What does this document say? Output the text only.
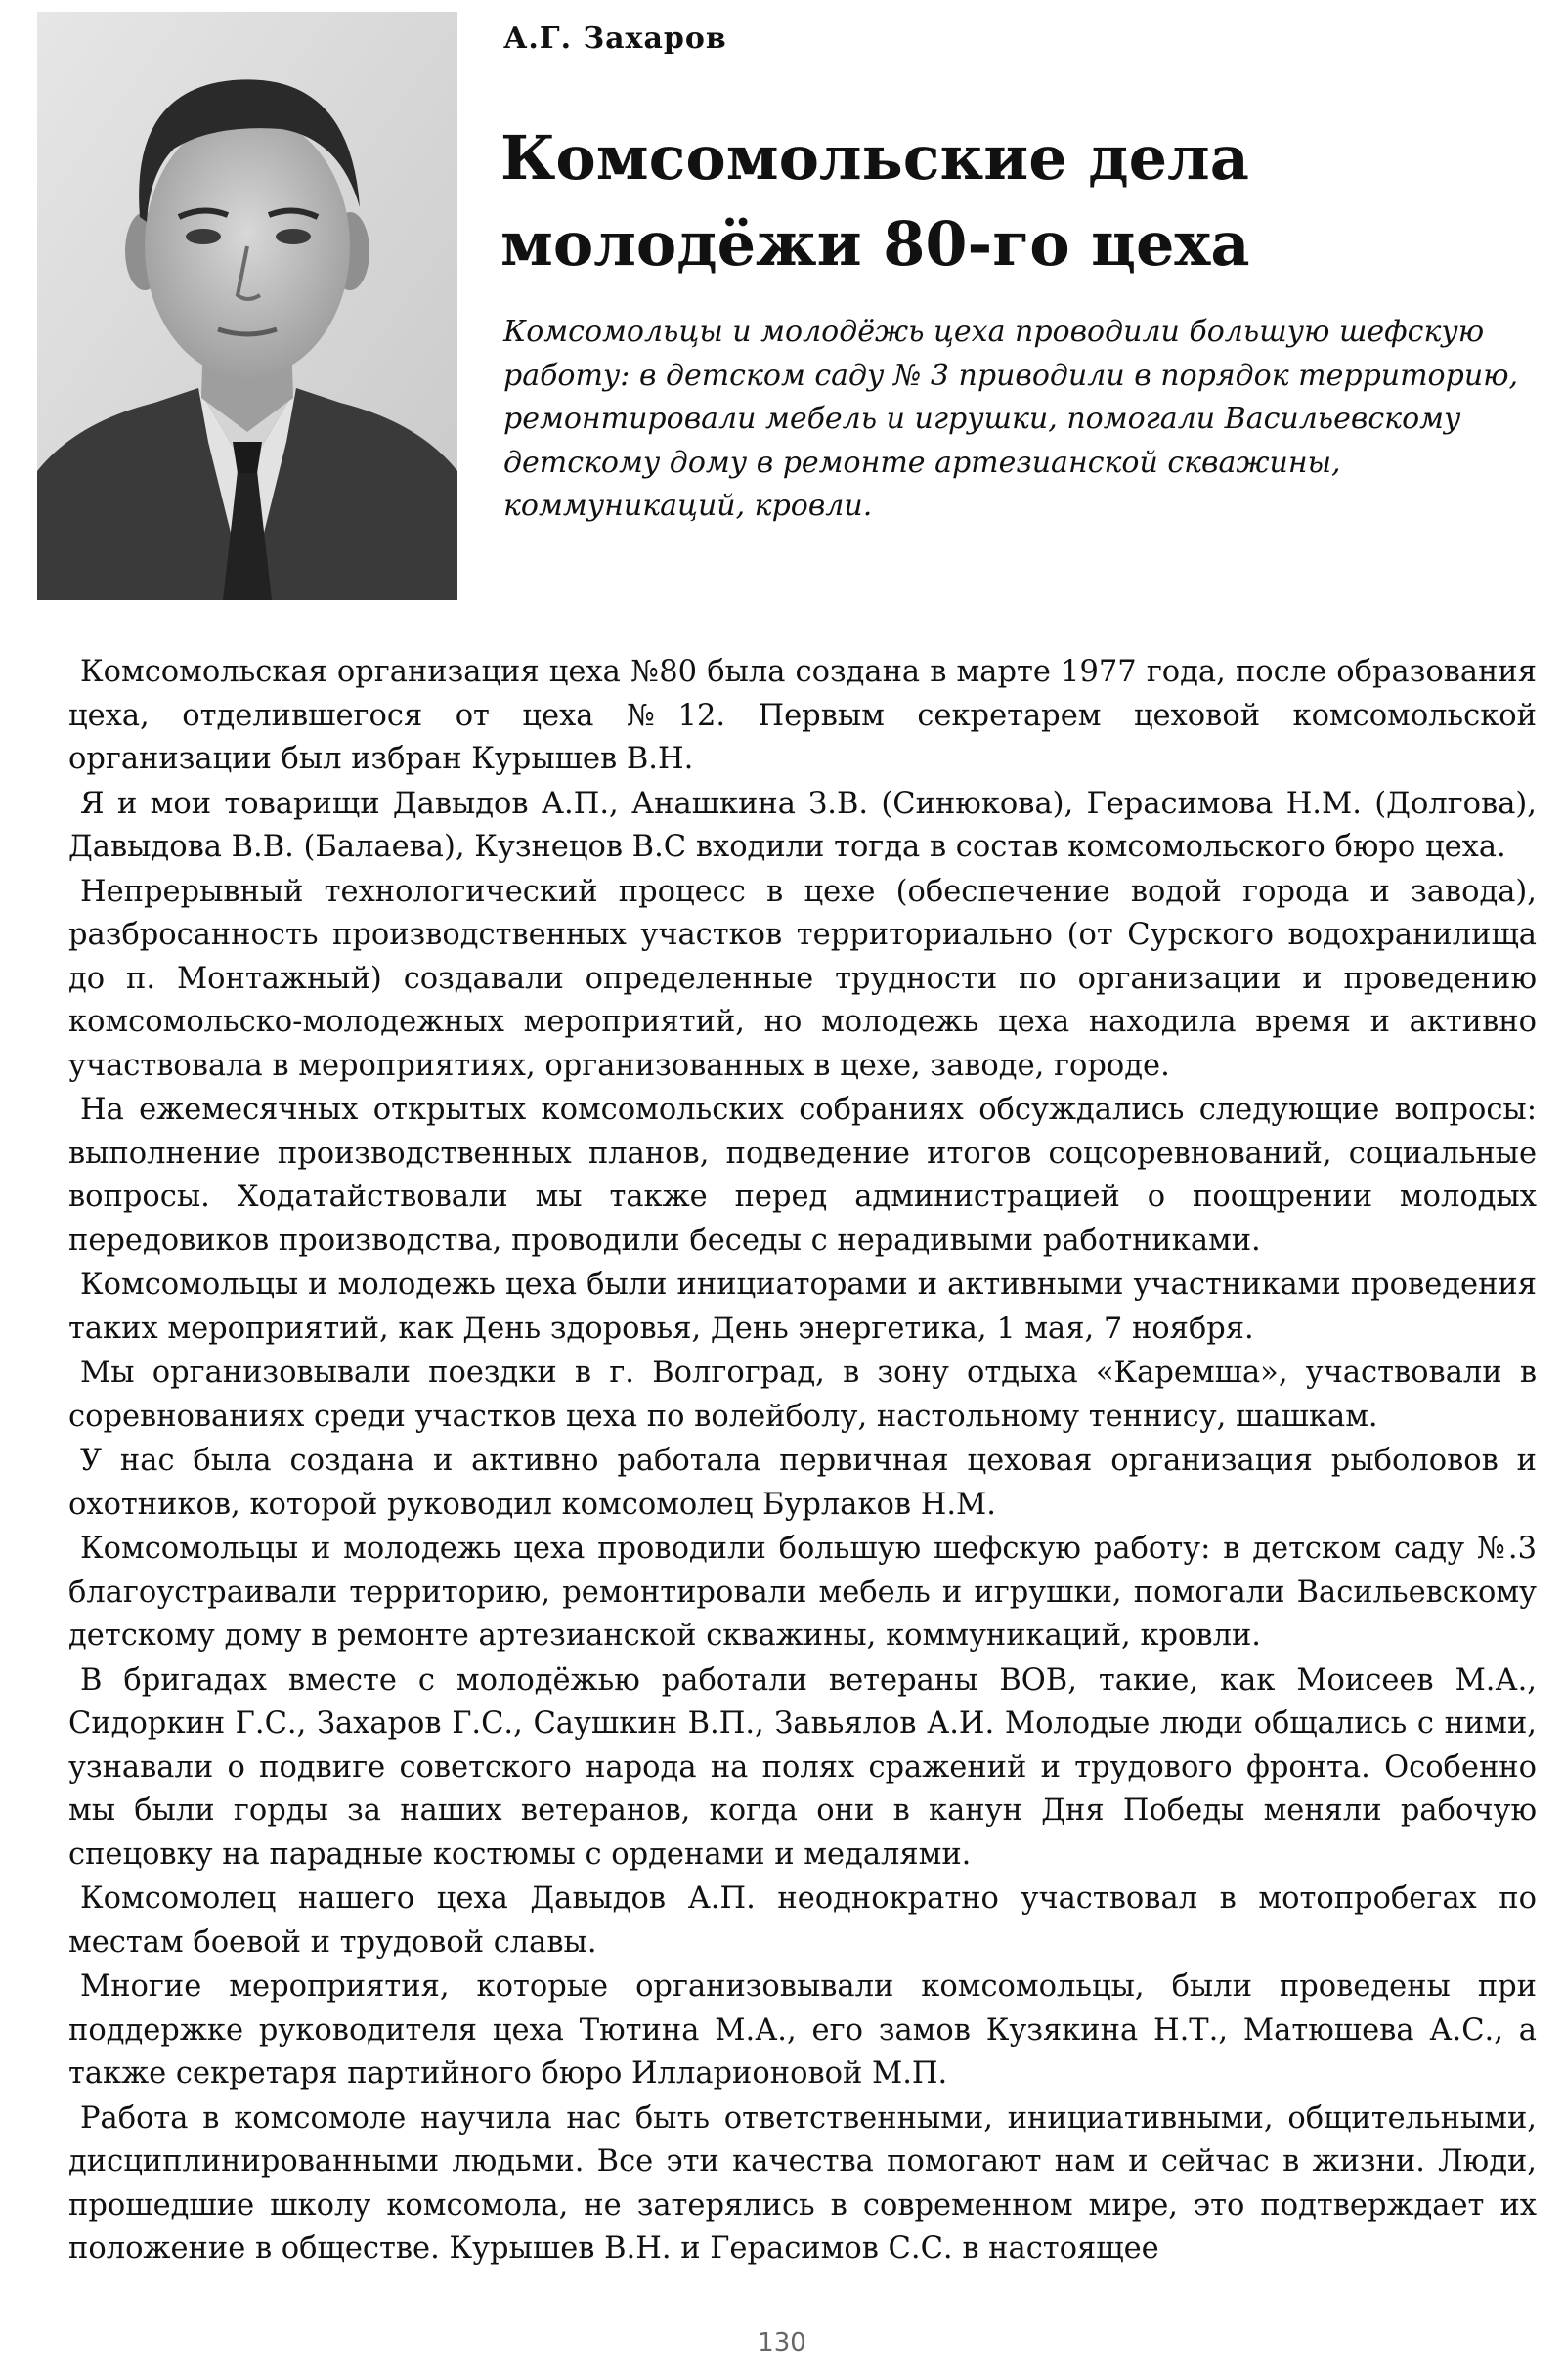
А.Г. Захаров
Комсомольские дела
молодёжи 80-го цеха

Комсомольцы и молодёжь цеха проводили большую шефскую работу: в детском саду № 3 приводили в порядок территорию, ремонтировали мебель и игрушки, помогали Васильевскому детскому дому в ремонте артезианской скважины, коммуникаций, кровли.

Комсомольская организация цеха №80 была создана в марте 1977 года, после образования цеха, отделившегося от цеха №12. Первым секретарем цеховой комсомольской организации был избран Курышев В.Н.

Я и мои товарищи Давыдов А.П., Анашкина З.В. (Синюкова), Герасимова Н.М. (Долгова), Давыдова В.В. (Балаева), Кузнецов В.С входили тогда в состав комсомольского бюро цеха.

Непрерывный технологический процесс в цехе (обеспечение водой города и завода), разбросанность производственных участков территориально (от Сурского водохранилища до п. Монтажный) создавали определенные трудности по организации и проведению комсомольско-молодежных мероприятий, но молодежь цеха находила время и активно участвовала в мероприятиях, организованных в цехе, заводе, городе.

На ежемесячных открытых комсомольских собраниях обсуждались следующие вопросы: выполнение производственных планов, подведение итогов соцсоревнований, социальные вопросы. Ходатайствовали мы также перед администрацией о поощрении молодых передовиков производства, проводили беседы с нерадивыми работниками.

Комсомольцы и молодежь цеха были инициаторами и активными участниками проведения таких мероприятий, как День здоровья, День энергетика, 1 мая, 7 ноября.

Мы организовывали поездки в г. Волгоград, в зону отдыха «Каремша», участвовали в соревнованиях среди участков цеха по волейболу, настольному теннису, шашкам.

У нас была создана и активно работала первичная цеховая организация рыболовов и охотников, которой руководил комсомолец Бурлаков Н.М.

Комсомольцы и молодежь цеха проводили большую шефскую работу: в детском саду №.3 благоустраивали территорию, ремонтировали мебель и игрушки, помогали Васильевскому детскому дому в ремонте артезианской скважины, коммуникаций, кровли.

В бригадах вместе с молодёжью работали ветераны ВОВ, такие, как Моисеев М.А., Сидоркин Г.С., Захаров Г.С., Саушкин В.П., Завьялов А.И. Молодые люди общались с ними, узнавали о подвиге советского народа на полях сражений и трудового фронта. Особенно мы были горды за наших ветеранов, когда они в канун Дня Победы меняли рабочую спецовку на парадные костюмы с орденами и медалями.

Комсомолец нашего цеха Давыдов А.П. неоднократно участвовал в мотопробегах по местам боевой и трудовой славы.

Многие мероприятия, которые организовывали комсомольцы, были проведены при поддержке руководителя цеха Тютина М.А., его замов Кузякина Н.Т., Матюшева А.С., а также секретаря партийного бюро Илларионовой М.П.

Работа в комсомоле научила нас быть ответственными, инициативными, общительными, дисциплинированными людьми. Все эти качества помогают нам и сейчас в жизни. Люди, прошедшие школу комсомола, не затерялись в современном мире, это подтверждает их положение в обществе. Курышев В.Н. и Герасимов С.С. в настоящее

130
